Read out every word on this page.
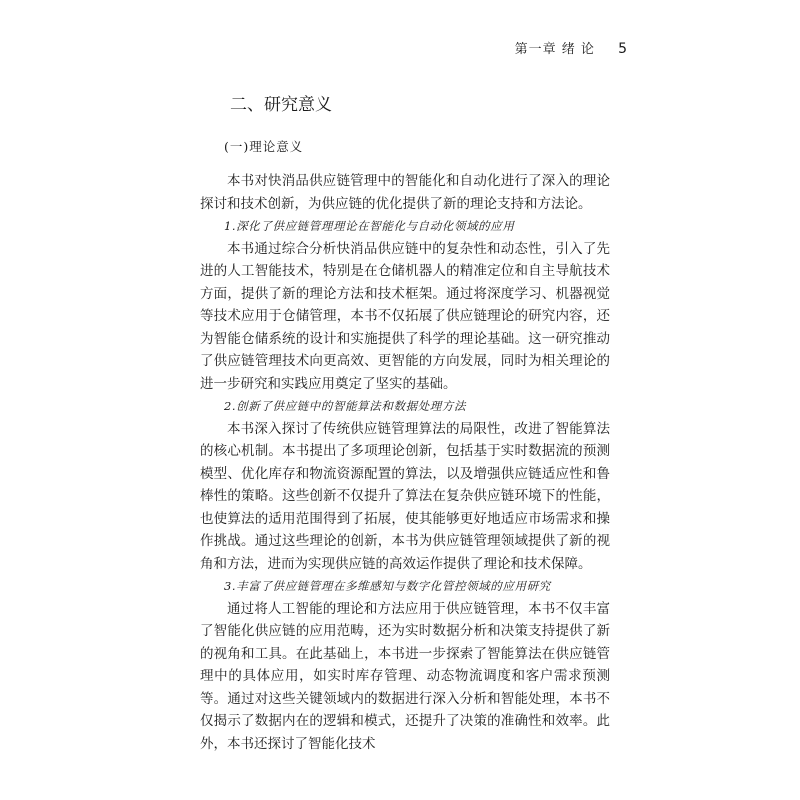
第一章 绪 论 5
二、研究意义
(一)理论意义

本书对快消品供应链管理中的智能化和自动化进行了深入的理论探讨和技术创新，为供应链的优化提供了新的理论支持和方法论。

1.深化了供应链管理理论在智能化与自动化领域的应用

本书通过综合分析快消品供应链中的复杂性和动态性，引入了先进的人工智能技术，特别是在仓储机器人的精准定位和自主导航技术方面，提供了新的理论方法和技术框架。通过将深度学习、机器视觉等技术应用于仓储管理，本书不仅拓展了供应链理论的研究内容，还为智能仓储系统的设计和实施提供了科学的理论基础。这一研究推动了供应链管理技术向更高效、更智能的方向发展，同时为相关理论的进一步研究和实践应用奠定了坚实的基础。

2.创新了供应链中的智能算法和数据处理方法

本书深入探讨了传统供应链管理算法的局限性，改进了智能算法的核心机制。本书提出了多项理论创新，包括基于实时数据流的预测模型、优化库存和物流资源配置的算法，以及增强供应链适应性和鲁棒性的策略。这些创新不仅提升了算法在复杂供应链环境下的性能，也使算法的适用范围得到了拓展，使其能够更好地适应市场需求和操作挑战。通过这些理论的创新，本书为供应链管理领域提供了新的视角和方法，进而为实现供应链的高效运作提供了理论和技术保障。

3.丰富了供应链管理在多维感知与数字化管控领域的应用研究

通过将人工智能的理论和方法应用于供应链管理，本书不仅丰富了智能化供应链的应用范畴，还为实时数据分析和决策支持提供了新的视角和工具。在此基础上，本书进一步探索了智能算法在供应链管理中的具体应用，如实时库存管理、动态物流调度和客户需求预测等。通过对这些关键领域内的数据进行深入分析和智能处理，本书不仅揭示了数据内在的逻辑和模式，还提升了决策的准确性和效率。此外，本书还探讨了智能化技术
